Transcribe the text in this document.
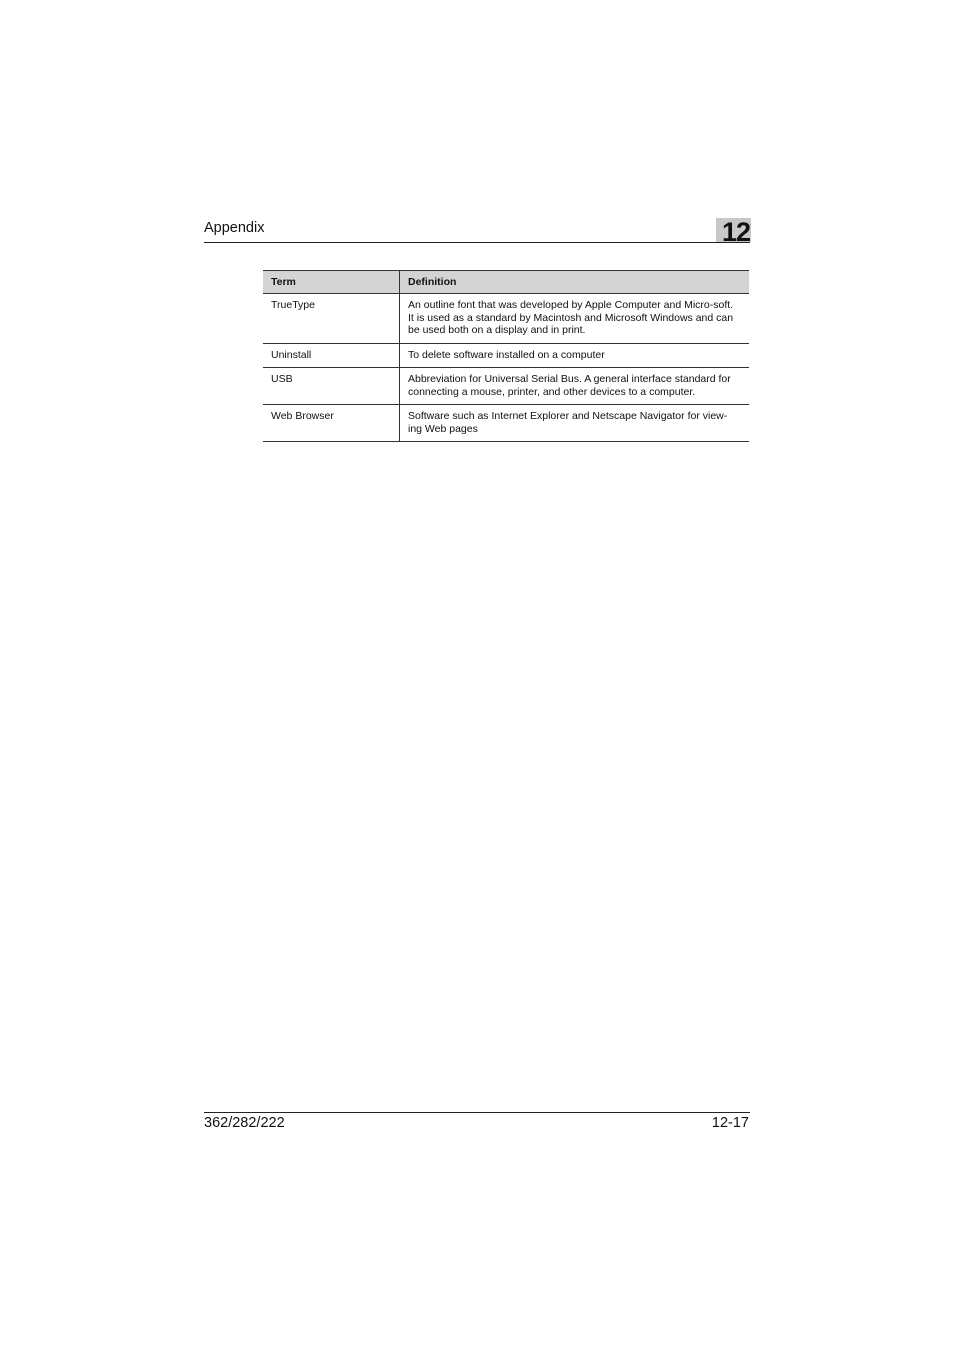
Appendix	12
Term	Definition
TrueType	An outline font that was developed by Apple Computer and Micro-soft. It is used as a standard by Macintosh and Microsoft Windows and can be used both on a display and in print.
Uninstall	To delete software installed on a computer
USB	Abbreviation for Universal Serial Bus. A general interface standard for connecting a mouse, printer, and other devices to a computer.
Web Browser	Software such as Internet Explorer and Netscape Navigator for view-ing Web pages
362/282/222	12-17
